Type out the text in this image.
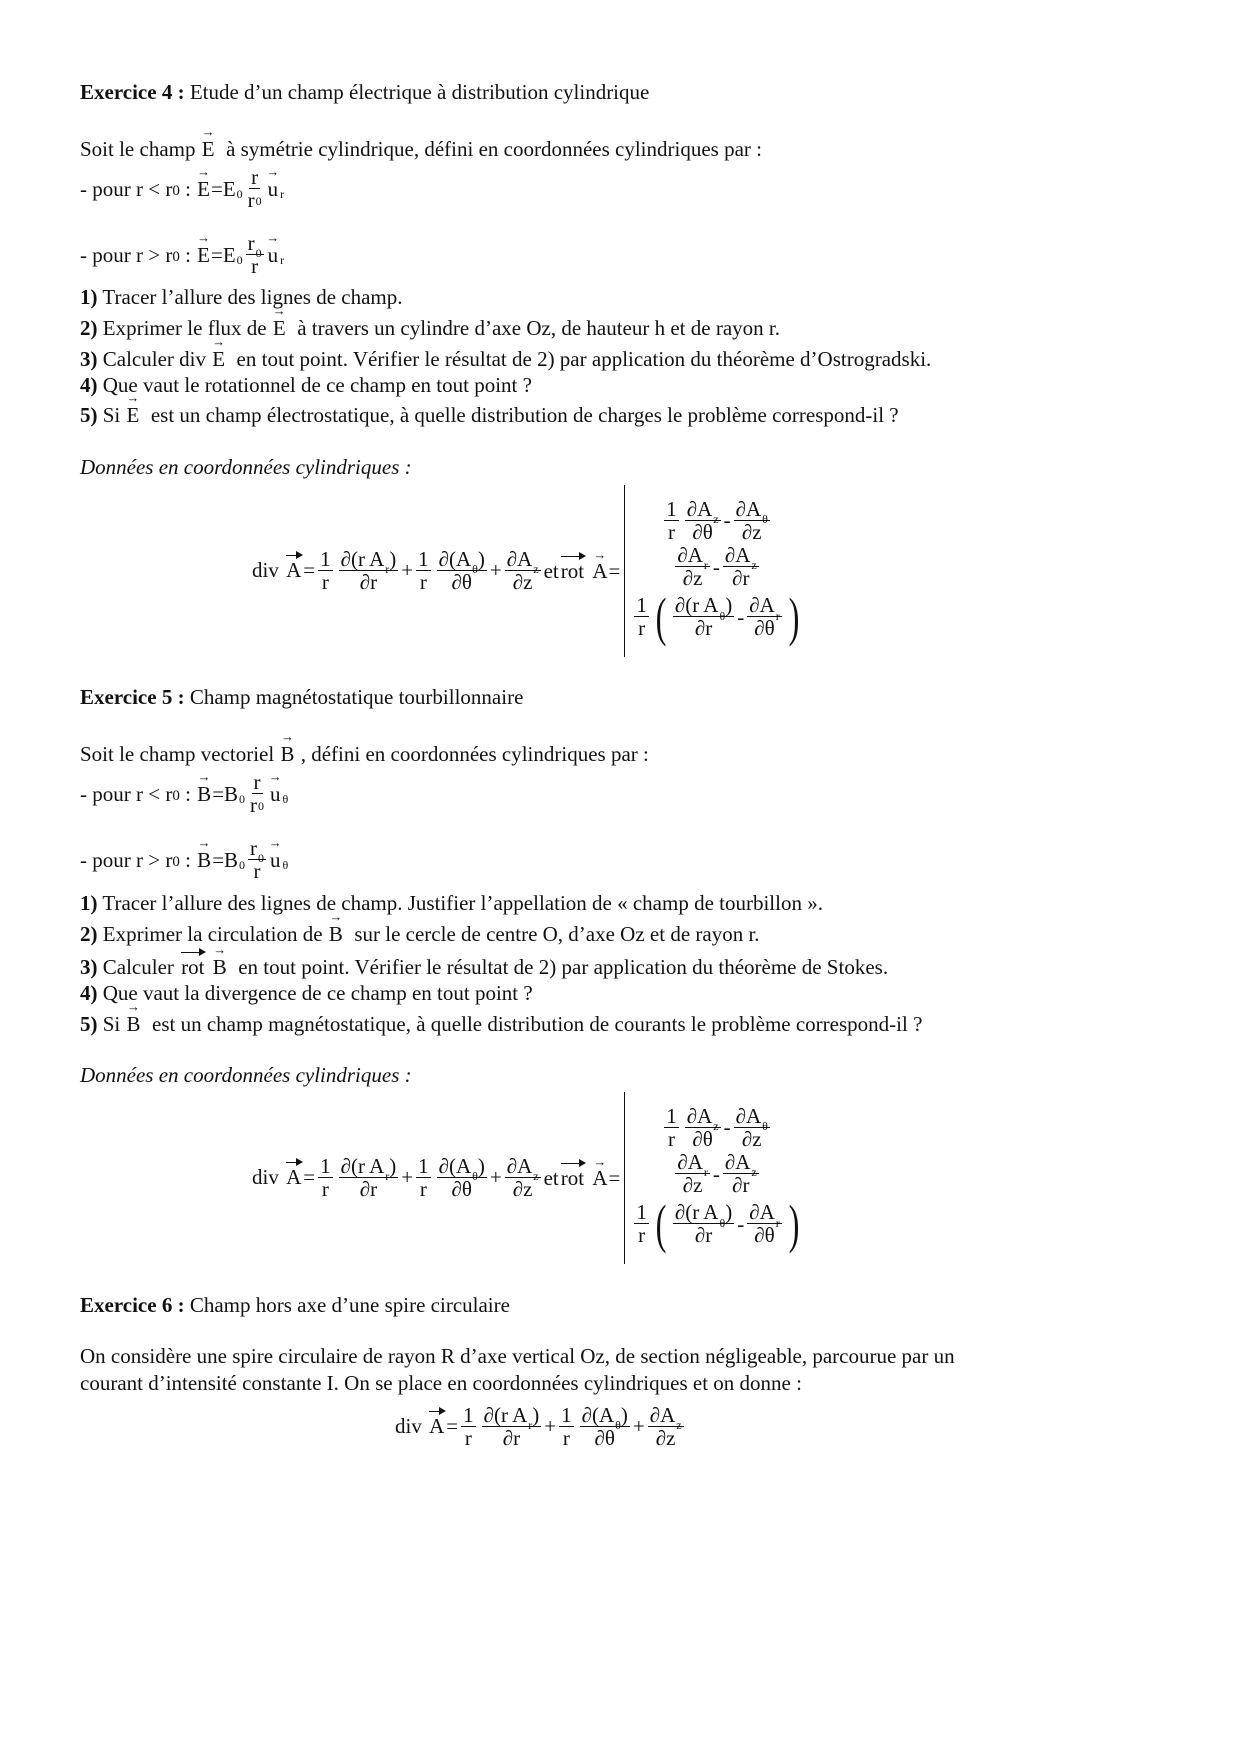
Exercice 4 : Etude d’un champ électrique à distribution cylindrique
Soit le champ → E à symétrie cylindrique, défini en coordonnées cylindriques par :
- pour r < r 0 : → E = E $0 \frac{r}{r 0} \to u$ r
- pour r > r 0 : → E = E $0 \frac{r 0}{r} \to u$ r
1) Tracer l’allure des lignes de champ.
2) Exprimer le flux de → E à travers un cylindre d’axe Oz, de hauteur h et de rayon r.
3) Calculer div → E en tout point. Vérifier le résultat de 2) par application du théorème d’Ostrogradski.
4) Que vaut le rotationnel de ce champ en tout point ?
5) Si → E est un champ électrostatique, à quelle distribution de charges le problème correspond-il ?
Données en coordonnées cylindriques :
div $A = \frac{1}{r} \frac{\text{∂(r A r )}}{\partial r} + \frac{1}{r} \frac{\text{∂(A θ )}}{\partial\theta} + \frac{\text{∂A z}}{\partial z}$ et rot
→ A =
$\frac{1}{r} \frac{\text{∂A z}}{\partial\theta} - \frac{\text{∂A θ}}{\partial z}$
$\frac{\text{∂A r}}{\partial z} - \frac{\text{∂A z}}{\partial r}$
$\frac{1}{r}$ ( $\frac{\text{∂(r A θ )}}{\partial r} - \frac{\text{∂A r}}{\partial\theta}$ )
Exercice 5 : Champ magnétostatique tourbillonnaire
Soit le champ vectoriel → B , défini en coordonnées cylindriques par :
- pour r < r 0 : → B = B $0 \frac{r}{r 0} \to u$ θ
- pour r > r 0 : → B = B $0 \frac{r 0}{r} \to u$ θ
1) Tracer l’allure des lignes de champ. Justifier l’appellation de « champ de tourbillon ».
2) Exprimer la circulation de → B sur le cercle de centre O, d’axe Oz et de rayon r.
3) Calculer rot
→ B en tout point. Vérifier le résultat de 2) par application du théorème de Stokes.
4) Que vaut la divergence de ce champ en tout point ?
5) Si → B est un champ magnétostatique, à quelle distribution de courants le problème correspond-il ?
Données en coordonnées cylindriques :
div $A = \frac{1}{r} \frac{\text{∂(r A r )}}{\partial r} + \frac{1}{r} \frac{\text{∂(A θ )}}{\partial\theta} + \frac{\text{∂A z}}{\partial z}$ et rot
→ A =
$\frac{1}{r} \frac{\text{∂A z}}{\partial\theta} - \frac{\text{∂A θ}}{\partial z}$
$\frac{\text{∂A r}}{\partial z} - \frac{\text{∂A z}}{\partial r}$
$\frac{1}{r}$ ( $\frac{\text{∂(r A θ )}}{\partial r} - \frac{\text{∂A r}}{\partial\theta}$ )
Exercice 6 : Champ hors axe d’une spire circulaire
On considère une spire circulaire de rayon R d’axe vertical Oz, de section négligeable, parcourue par un
courant d’intensité constante I. On se place en coordonnées cylindriques et on donne :
div $A = \frac{1}{r} \frac{\text{∂(r A r )}}{\partial r} + \frac{1}{r} \frac{\text{∂(A θ )}}{\partial\theta} + \frac{\text{∂A z}}{\partial z}$
